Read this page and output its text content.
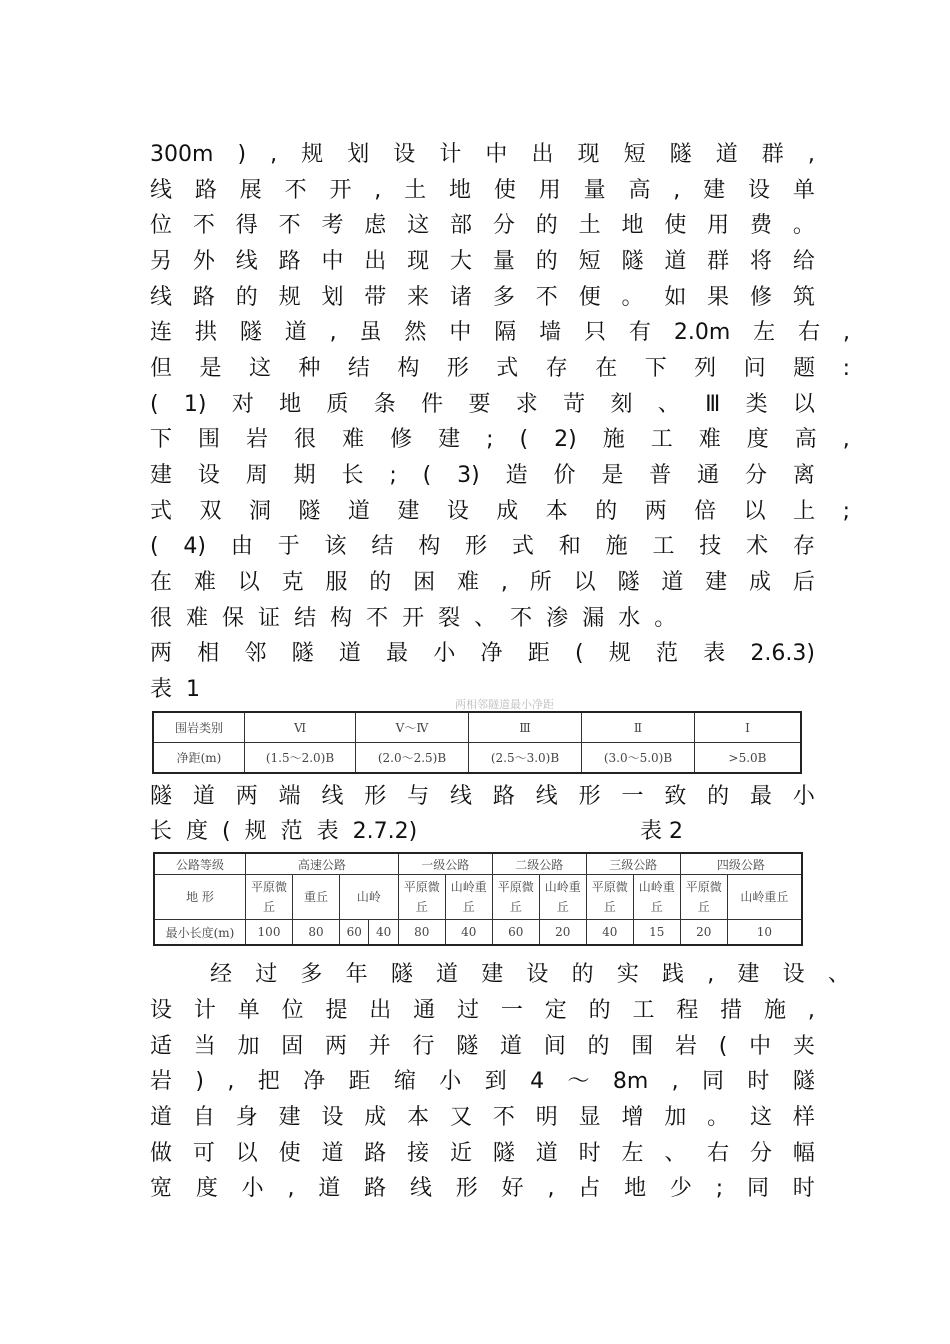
300m ) , 规 划 设 计 中 出 现 短 隧 道 群 ,
线 路 展 不 开 , 土 地 使 用 量 高 , 建 设 单
位 不 得 不 考 虑 这 部 分 的 土 地 使 用 费 。
另 外 线 路 中 出 现 大 量 的 短 隧 道 群 将 给
线 路 的 规 划 带 来 诸 多 不 便 。 如 果 修 筑
连 拱 隧 道 , 虽 然 中 隔 墙 只 有 2.0m 左 右 ,
但 是 这 种 结 构 形 式 存 在 下 列 问 题 :
( 1) 对 地 质 条 件 要 求 苛 刻 、 Ⅲ 类 以
下 围 岩 很 难 修 建 ; ( 2) 施 工 难 度 高 ,
建 设 周 期 长 ; ( 3) 造 价 是 普 通 分 离
式 双 洞 隧 道 建 设 成 本 的 两 倍 以 上 ;
( 4) 由 于 该 结 构 形 式 和 施 工 技 术 存
在 难 以 克 服 的 困 难 , 所 以 隧 道 建 成 后
很 难 保 证 结 构 不 开 裂 、 不 渗 漏 水 。
两 相 邻 隧 道 最 小 净 距 ( 规 范 表 2.6.3)
表 1
两相邻隧道最小净距
围岩类别	Ⅵ	Ⅴ～Ⅳ	Ⅲ	Ⅱ	Ⅰ
净距(m)	(1.5～2.0)B	(2.0～2.5)B	(2.5～3.0)B	(3.0～5.0)B	>5.0B
隧 道 两 端 线 形 与 线 路 线 形 一 致 的 最 小
长 度 ( 规 范 表 2.7.2)	表 2
公路等级	高速公路				一级公路		二级公路		三级公路		四级公路	
地 形	平原微丘	重丘	山岭		平原微丘	山岭重丘	平原微丘	山岭重丘	平原微丘	山岭重丘	平原微丘	山岭重丘
最小长度(m)	100	80	60	40	80	40	60	20	40	15	20	10
经 过 多 年 隧 道 建 设 的 实 践 , 建 设 、
设 计 单 位 提 出 通 过 一 定 的 工 程 措 施 ,
适 当 加 固 两 并 行 隧 道 间 的 围 岩 ( 中 夹
岩 ) , 把 净 距 缩 小 到 4 ～ 8m , 同 时 隧
道 自 身 建 设 成 本 又 不 明 显 增 加 。 这 样
做 可 以 使 道 路 接 近 隧 道 时 左 、 右 分 幅
宽 度 小 , 道 路 线 形 好 , 占 地 少 ; 同 时
